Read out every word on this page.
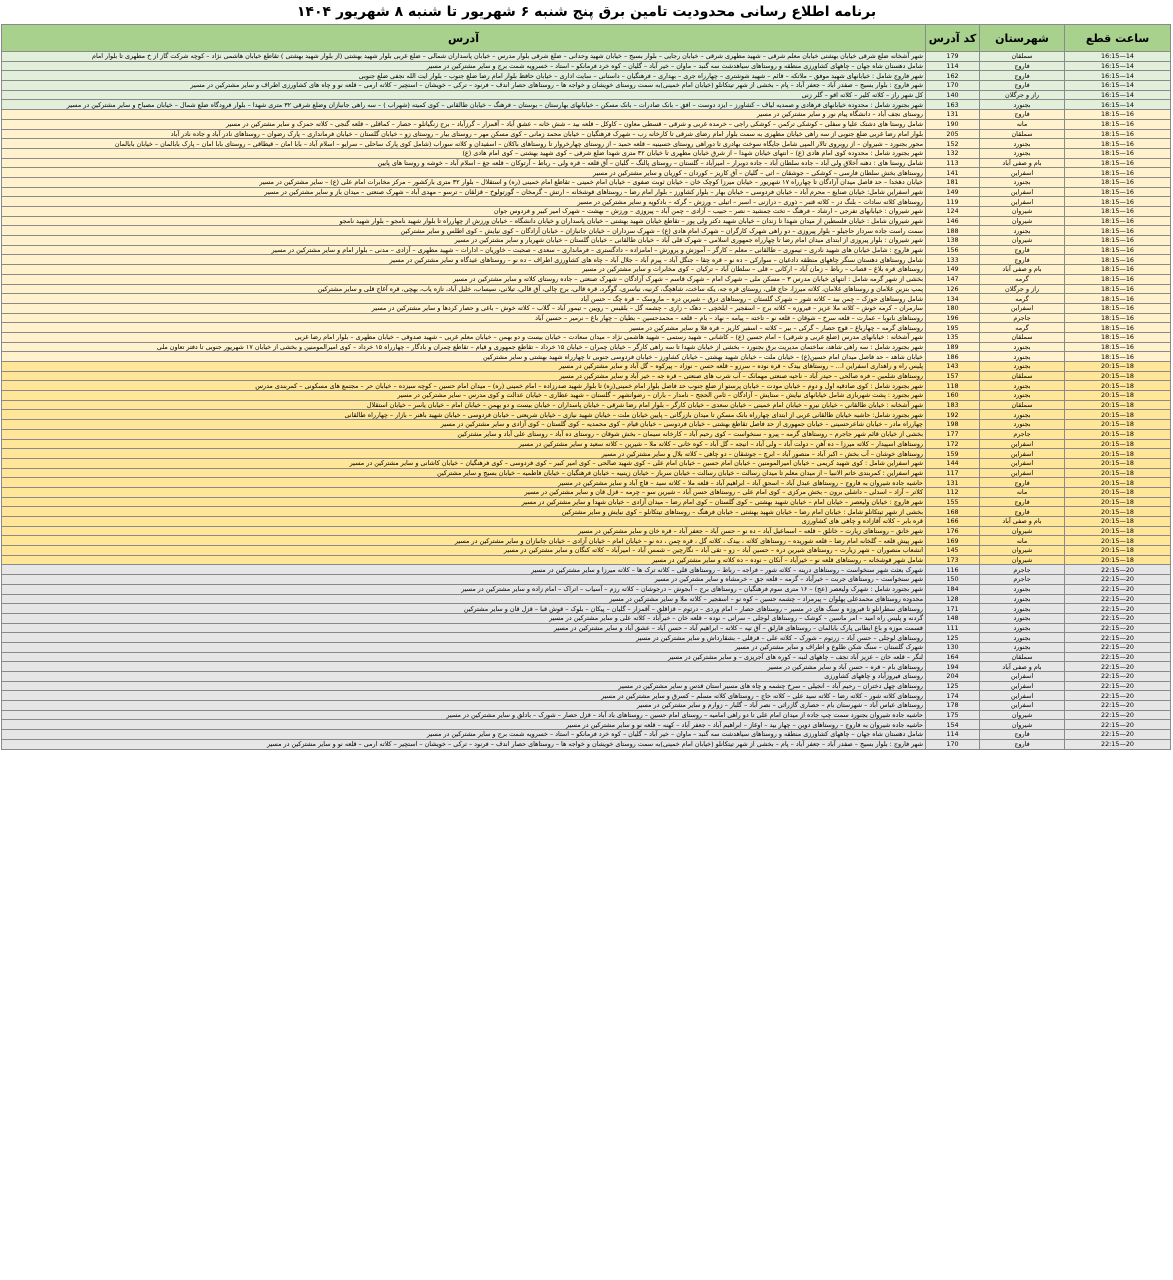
برنامه اطلاع رسانی محدودیت تامین برق پنج شنبه ۶ شهریور تا شنبه ۸ شهریور ۱۴۰۴
ساعت قطع	شهرستان	کد آدرس	آدرس
14—16:15	سملقان	179	شهر آشخانه ضلع شرقی خیابان بهشتی خیابان معلم شرقی – شهید مطهری شرقی – خیابان رجایی – بلوار بسیج – خیابان شهید وحدانی – ضلع شرقی بلوار مدرس – خیابان پاسداران شمالی – ضلع غربی بلوار شهید بهشتی (از بلوار شهید بهشتی ) تقاطع خیابان هاشمی نژاد – کوچه شرکت گاز از خ مطهری تا بلوار امام
14—16:15	فاروج	114	شامل دهستان شاه جهان – چاههای کشاورزی منطقه و روستاهای سیاهدشت سه گنبد – ماوان – خیر آباد – گلیان – کوه خرد فرمانکو – استاد – خسرویه شمت برج و سایر مشترکین در مسیر
14—16:15	فاروج	162	شهر فاروج شامل : خیابانهای شهید موفق – ملاتکه – قائم – شهید شوشتری – چهارراه جری – بهداری – فرهنگیان – داستانی – سایت اداری – خیابان حافظ بلوار امام رضا ضلع جنوب – بلوار ایت الله نجفی ضلع جنوبی
14—16:15	فاروج	170	شهر فاروج : بلوار بسیج – صفدر آباد – جعفر آباد – پام – بخشی از شهر تیتکانلو (خیابان امام خمینی)به سمت روستای خویشان و خواجه ها – روستاهای حصار اندف – فرنود – ترکی – خویشان – استچیر – کلاته ارمی – قلعه نو و چاه های کشاورزی اطراف و سایر مشترکین در مسیر
14—16:15	راز و جرگلان	140	کل شهر راز – کلاته کلیر – کلاته اقو – گلر زنی
14—16:15	بجنورد	163	شهر بجنورد شامل : محدوده خیابانهای فرهادی و صمدیه لیاف – کشاورز – ایزد دوست – افق – بانک صادرات – بانک مسکن – خیابانهای بهارستان – بوستان – فرهنگ – خیابان طالقانی – کوی کمیته (شهراب ) – سه راهی جانبازان وضلع شرقی ۳۲ متری شهدا – بلوار فرودگاه ضلع شمال – خیابان مصباح و سایر مشترکین در مسیر
16—18:15	فاروج	131	روستای نجف آباد – دانشگاه پیام نور و سایر مشترکین در مسیر
16—18:15	مانه	190	شامل روستا های دشتک علیا و سفلی – کوشکی ترکمن – کوشکی راجی – خرمده غربی و شرقی – قسطی معاون – کاوکل – قلعه بید – شش خانه – عشق آباد – آقمزار – گرزآباد – برج زنگیانلو – حصار – کماقلی – قلعه گنجی – کلاته حمزک و سایر مشترکین در مسیر
16—18:15	سملقان	205	بلوار امام رضا غربی ضلع جنوبی از سه راهی خیابان مطهری به سمت بلوار امام رضای شرقی تا کارخانه رب – شهرک فرهنگیان – خیابان محمد زمانی – کوی مسکن مهر – روستای بیار – روستای زو – خیابان گلستان – خیابان فرمانداری – پارک رضوان – روستاهای نادر آباد و جاده نادر آباد
16—18:15	بجنورد	152	محور بجنورد – شیروان – از روبروی تالار المپی شامل جایگاه سوخت بهادری تا دوراهی روستای حسینیه – قلعه حمید – از روستای چهارخروار تا روستاهای باکلان – اسفیدان و کلاته سوراب (شامل کوی پارک ساحلی – سرایو – اسلام آباد – بابا امان – قیطاقی – روستای بابا امان – پارک بابالمان – خیابان بابالمان
16—18:15	بجنورد	132	شهر بجنورد شامل : محدوده کوی امام هادی (ع) – انتهای خیابان شهدا – از شرق خیابان مطهری تا خیابان ۳۲ متری شهدا ضلع شرقی – کوی شهید بهشتی – کوی امام هادی (ع)
16—18:15	بام و صفی آباد	113	شامل روستا های : دهنه آخلاق ولی آباد – جاده سلطان آباد – جاده دوبرار – امیرآباد – گلستان – روستای پالنگ – گلیان – آق قلعه – قره ولی – رباط – آرتوکان – قلعه جغ – اسلام آباد – خوشه و روستا های پایین
16—18:15	اسفراین	141	روستاهای بخش سلطان فارسی – کوشکی – جوشقان – اتی – گلیان – آق کاریز – کوردان – کوریان و سایر مشترکین در مسیر
16—18:15	بجنورد	181	خیابان دهخدا – حد فاصل میدان آزادگان تا چهارراه ۱۷ شهریور – خیابان میرزا کوچک خان – خیابان ثوبت صفوی – خیابان امام خمینی – تقاطع امام خمینی (ره) و استقلال – بلوار ۳۲ متری بارکشور – مرکز مخابرات امام علی (ع) – سایر مشترکین در مسیر
16—18:15	اسفراین	149	شهر اسفراین شامل: خیابان صنایع – محرم آباد – خیابان فردوسی – خیابان بهار – بلوار کشاورز – بلوار امام رضا – روستاهای قوشخانه – ارتش – گرمخان – گورتولوخ – قزلقان – ترسو – مهدی آباد – شهرک صنعتی – میدان باز و سایر مشترکین در مسیر
16—18:15	اسفراین	119	روستاهای کلاته سادات – بلنگ در – کلاته قنبر – ذوری – درازنی – اسبر – اتیلی – ورزش – گرکه – بادکوپه و سایر مشترکین در مسیر
16—18:15	شیروان	124	شهر شیروان : خیابانهای تفرجی – ارشاد – فرهنگ – تخت جمشید – نصر – حبیب – آزادی – چمن آباد – پیروزی – ورزش – بهشت – شهرک امیر کبیر و فردوس جوان
16—18:15	شیروان	146	شهر شیروان شامل : خیابان فلسطین از میدان شهدا تا زندان – خیابان شهید دکتر ولی پور – تقاطع خیابان شهید بهشتی – خیابان پاسداران و خیابان دانشگاه – خیابان ورزش از چهارراه تا بلوار شهید نامجو – بلوار شهید نامجو
16—18:15	بجنورد	188	سمت راست جاده سردار حاجیلو – بلوار پیروزی – دو راهی شهرک کارگران – شهرک امام هادی (ع) – شهرک سرداران – خیابان جانبازان – خیابان آزادگان – کوی نیایش – کوی اطلس و سایر مشترکین
16—18:15	شیروان	138	شهر شیروان : بلوار پیروزی از ابتدای میدان امام رضا تا چهارراه جمهوری اسلامی – شهرک قلی آباد – خیابان طالقانی – خیابان گلستان – خیابان شهریار و سایر مشترکین در مسیر
16—18:15	فاروج	156	شهر فاروج : شامل خیابان های شهید نادری – تیموری – طالقانی – معلم – کارگر – آموزش و پرورش – امامزاده – دادگستری – فرمانداری – سعدی – صحبت – خاوریان – ادارات – شهید مطهری – آزادی – مدنی – بلوار امام و سایر مشترکین در مسیر
16—18:15	فاروج	133	شامل روستاهای دهستان سنگر چاههای منطقه دادغیان – سوارکی – ده نو – قره چقا – جنگل آباد – پیرم آباد – جلال آباد – چاه های کشاورزی اطراف – ده نو – روستاهای عیدگاه و سایر مشترکین در مسیر
16—18:15	بام و صفی آباد	149	روستاهای قره بلاغ – قصاب – رباط – زمان آباد – ارکانی – قلی – سلطان آباد – ترکیان – کوی مخابرات و سایر مشترکین در مسیر
16—18:15	گرمه	147	بخشی از شهر گرمه شامل : انتهای خیابان مدرس ۳ – مسکن ملی – شهرک امام – شهرک قاسم – شهرک آزادگان – شهرک صنعتی – جاده روستای کلاته و سایر مشترکین در مسیر
16—18:15	راز و جرگلان	126	پمپ بنزین غلامان و روستاهای غلامان، کلاته میرزا، حاج قلی، روستای قره جه، یکه ساخت، شاهچگ، کرنیه، نیاسری، گوگرد، قره قالی، برج چالی، آق قالی، تیلانی، سیساب، خلیل آباد، تازه یاب، بهچی، قره آغاج قلی و سایر مشترکین
16—18:15	گرمه	134	شامل روستاهای حوزک – چمن بید – کلاته شور – شهرک گلستان – روستاهای درق – شیرین دره – ماروسک – قره چگ – حسن آباد
16—18:15	اسفراین	180	سارمران – کرمه خوش – کلاته ملا عزیز – فیروزه – کلاته برج – اسفجیر – ایلخچی – دهک – زاری – چشمه گل – بلقیس – رویین – تیمور آباد – گلاب – کلاته خوش – باغی و حصار کردها و سایر مشترکین در مسیر
16—18:15	جاجرم	196	روستاهای ناتوبا – عمارت – قلعه سرخ – شوقان – قلعه نو – تاخته – پیامه – نهاد – بام – قلعه – محمدحسین – بطیان – چهار باغ – نرمیر – حسین آباد
16—18:15	گرمه	195	روستاهای گرمه – چهارباغ – قوچ حصار – گرکی – بیر – کلاته – اسفیر کاریز – قره قلا و سایر مشترکین در مسیر
16—18:15	سملقان	135	شهر آشخانه : خیابانهای مدرس (ضلع غربی و شرقی) – امام حسین (ع) – کاشانی – شهید رستمی – شهید هاشمی نژاد – میدان سعادت – خیابان بیست و دو بهمن – خیابان معلم غربی – شهید صدوقی – خیابان مطهری – بلوار امام رضا غربی
16—18:15	بجنورد	189	شهر بجنورد شامل : سه راهی شاهد، ساختمان مدیریت برق بجنورد – بخشی از خیابان شهدا تا سه راهی کارگر – خیابان چمران – خیابان ۱۵ خرداد – تقاطع جمهوری و قیام – تقاطع چمران و بادگار – چهارراه ۱۵ خرداد – کوی امیرالمومنین و بخشی از خیابان ۱۷ شهریور جنوبی تا دفتر تعاون ملی
16—18:15	بجنورد	186	خیابان شاهد – حد فاصل میدان امام حسین(ع) – خیابان ملت – خیابان شهید بهشتی – خیابان کشاورز – خیابان فردوسی جنوبی تا چهارراه شهید بهشتی و سایر مشترکین
18—20:15	بجنورد	143	پلیس راه و راهداری اسفراین ا… – روستاهای بیدک – قره نوده – سرزو – قلعه حسن – نوزاد – پیرکوه – گل آباد و سایر مشترکین در مسیر
18—20:15	سملقان	157	روستاهای شلمین – فره صالحی – حیدر آباد – ناحیه صنعتی مهمانک – آب شرب های صنعتی – قره جه – خیر آباد و سایر مشترکین در مسیر
18—20:15	بجنورد	118	شهر بجنورد شامل : کوی صادقیه اول و دوم – خیابان مودت – خیابان پرستو از ضلع جنوب حد فاصل بلوار امام خمینی(ره) تا بلوار شهید صدرزاده – امام خمینی (ره) – میدان امام حسین – کوچه سیزده – خیابان حر – مجتمع های مسکونی – کمربندی مدرس
18—20:15	بجنورد	160	شهر بجنورد : پشت شهربازی شامل خیابانهای نیایش – ستایش – آزادگان – ثامن الحجج – نامدار – باران – رضوانشهر – گلستان – شهید عطاری – خیابان عدالت و کوی مدرس – سایر مشترکین در مسیر
18—20:15	سملقان	183	شهر آشخانه : خیابان طالقانی – خیابان نیرو – خیابان امام خمینی – خیابان سعدی – خیابان کارگر – بلوار امام رضا شرقی – خیابان پاسداران – خیابان بیست و دو بهمن – خیابان امام – خیابان یاسر – خیابان استقلال
18—20:15	بجنورد	192	شهر بجنورد شامل: حاشیه خیابان طالقانی غربی از ابتدای چهارراه بانک مسکن تا میدان بازرگانی – پایین خیابان ملت – خیابان شهید نیازی – خیابان شریعتی – خیابان فردوسی – خیابان شهید باهنر – بازار – چهارراه طالقانی
18—20:15	بجنورد	198	چهارراه مادر – خیابان شاعرحسینی – خیابان جمهوری از حد فاصل تقاطع بهشتی – خیابان فردوسی – خیابان قیام – کوی محمدیه – کوی گلستان – کوی آزادی و سایر مشترکین در مسیر
18—20:15	جاجرم	177	بخشی از خیابان قائم شهر جاجرم – روستاهای گرمه – پیرو – سنخواست – کوی رحیم آباد – کارخانه سیمان – بخش شوقان – روستای ده آباد – روستای علی آباد و سایر مشترکین
18—20:15	اسفراین	172	روستاهای اسپیدار – کلاته میرزا – ده آهن – دولت آباد – ولی آباد – انیجه – گل آباد – کوه خانی – کلاته ملا – شیرین – کلاته سعید و سایر مشترکین در مسیر
18—20:15	اسفراین	159	روستاهای خوشان – آب بخش – اکبر آباد – منصور آباد – ابرچ – جوشقان – دو چاهی – کلاته بلال و سایر مشترکین در مسیر
18—20:15	اسفراین	144	شهر اسفراین شامل : کوی شهید کریمی – خیابان امیرالمومنین – خیابان امام حسین – خیابان امام علی – کوی شهید صالحی – کوی امیر کبیر – کوی فردوسی – کوی فرهنگیان – خیابان کاشانی و سایر مشترکین در مسیر
18—20:15	اسفراین	117	شهر اسفراین : کمربندی خاتم الانبیا – از میدان معلم تا میدان رسالت – خیابان رسالت – خیابان سرباز – خیابان زینبیه – خیابان فرهنگیان – خیابان فاطمیه – خیابان بسیج و سایر مشترکین
18—20:15	فاروج	131	حاشیه جاده شیروان به فاروج – روستاهای عبدل آباد – اسحق آباد – ابراهیم آباد – قلعه ملا – کلاته سید – قاچ آباد و سایر مشترکین در مسیر
18—20:15	مانه	112	کلاتر – آزاد – اسدلی – داشلی برون – بخش مرکزی – کوی امام علی – روستاهای حسن آباد – شیرین سو – چرمه – قزل قان و سایر مشترکین در مسیر
18—20:15	فاروج	155	شهر فاروج : خیابان ولیعصر – خیابان امام – خیابان شهید بهشتی – کوی گلستان – کوی امام رضا – میدان آزادی – خیابان شهدا و سایر مشترکین در مسیر
18—20:15	فاروج	168	بخشی از شهر تیتکانلو شامل : خیابان امام رضا – خیابان شهید بهشتی – خیابان فرهنگ – روستاهای تیتکانلو – کوی نیایش و سایر مشترکین
18—20:15	بام و صفی آباد	166	قره بابر – کلاته آقازاده و چاهی های کشاورزی
18—20:15	شیروان	176	شهر خانق – روستاهای زیارت – خانلق – قلعه – اسماعیل آباد – ده نو – حسن آباد – جعفر آباد – قره خان و سایر مشترکین در مسیر
18—20:15	مانه	169	شهر پیش قلعه – گلخانه امام رضا – قلعه شوریده – روستاهای کلاته ، بیدک ، کلاته گل ، قره چمن ، ده نو – خیابان امام – خیابان آزادی – خیابان جانبازان و سایر مشترکین در مسیر
18—20:15	شیروان	145	انشعاب منصوران – شهر زیارت – روستاهای شیرین دره – حسین آباد – زو – تقی آباد – نگارچین – شمس آباد – امیرآباد – کلاته کنگان و سایر مشترکین در مسیر
18—20:15	شیروان	173	شامل شهر قوشخانه – روستاهای قلعه نو – خیرآباد – آنکان – نوده – ده کلاته و سایر مشترکین در مسیر
20—22:15	جاجرم	116	شهرک بعثت شهر سنخواست – روستاهای درینه – کلاته شور – فراجه – رباط – روستاهای قلی – کلاته ترک ها – کلاته میرزا و سایر مشترکین در مسیر
20—22:15	جاجرم	150	شهر سنخواست – روستاهای جربت – خیرآباد – گرمه – قلعه جق – خرمشاه و سایر مشترکین در مسیر
20—22:15	بجنورد	184	شهر بجنورد شامل : شهرک ولیعصر (عج) – ۱۶ متری سوم فرهنگیان – روستاهای برج – آبجوش – درجوشان – کلاته رزم – آسیاب – اتراک – امام زاده و سایر مشترکین در مسیر
20—22:15	بجنورد	128	محدوده روستاهای محمدعلی پهلوان – پیرمراد – چشمه حسین – کوه نو – اسفجیر – کلاته ملا و سایر مشترکین در مسیر
20—22:15	بجنورد	171	روستاهای سطرانلو تا فیروزه و سنگ های در مسیر – روستاهای حصار – امام وردی – درتوم – قزاقلق – آقمزار – گلیان – پیکان – بلوک – قوش قبا – قزل قان و سایر مشترکین
20—22:15	بجنورد	148	گردنه و پلیس راه امید – امر ماسین – کوشک – روستاهای لوجلی – سرانی – نوده – قلعه خان – خیرآباد – کلاته علی و سایر مشترکین در مسیر
20—22:15	بجنورد	111	قسمت موزه و باغ ابطانی پارک بابالمان – روستاهای قارلق – آق تپه – کلاته – ابراهیم آباد – حسن آباد – عشق آباد و سایر مشترکین در مسیر
20—22:15	بجنورد	125	روستاهای لوجلی – حسن آباد – زرتوم – شورک – کلاته علی – قرقلی – بشقارداش و سایر مشترکین در مسیر
20—22:15	بجنورد	130	شهرک گلستان – سنگ شکن طلوع و اطراف و سایر مشترکین در مسیر
20—22:15	سملقان	164	لنگر – قلعه خان – عزیز آباد نجف – چاههای لنبه – کوره های آجرپزی – و سایر مشترکین در مسیر
20—22:15	بام و صفی آباد	194	روستاهای بام – قره – حسن آباد و سایر مشترکین در مسیر
20—22:15	اسفراین	204	روستای فیروزآباد و چاههای کشاورزی
20—22:15	اسفراین	125	روستاهای چهل دختران – رحیم آباد – انجیلی – سرخ چشمه و چاه های مسیر استان قدس و سایر مشترکین در مسیر
20—22:15	اسفراین	174	روستاهای کلاته شور – کلاته رضا – کلاته سید علی – کلاته حاج – روستاهای کلاته مسلم – کسرق و سایر مشترکین در مسیر
20—22:15	اسفراین	178	روستاهای عباس آباد – شهرستان بام – حصاری گازراثی – نصر آباد – گلبار – زوارم و سایر مشترکین در مسیر
20—22:15	شیروان	175	حاشیه جاده شیروان بجنورد سمت چپ جاده از میدان امام علی تا دو راهی امامیه – روستای امام حسین – روستاهای باد آباد – قزل حصار – شورک – بادلق و سایر مشترکین در مسیر
20—22:15	شیروان	154	حاشیه جاده شیروان به فاروج – روستاهای دوین – چهار بید – اوغاز – ابراهیم آباد – جعفر آباد – کهنه – قلعه نو و سایر مشترکین در مسیر
20—22:15	فاروج	114	شامل دهستان شاه جهان – چاههای کشاورزی منطقه و روستاهای سیاهدشت سه گنبد – ماوان – خیر آباد – گلیان – کوه خرد فرمانکو – استاد – خسرویه شمت برج و سایر مشترکین در مسیر
20—22:15	فاروج	170	شهر فاروج : بلوار بسیج – صفدر آباد – جعفر آباد – پام – بخشی از شهر تیتکانلو (خیابان امام خمینی)به سمت روستای خویشان و خواجه ها – روستاهای حصار اندف – فرنود – ترکی – خویشان – استچیر – کلاته ارمی – قلعه نو و سایر مشترکین در مسیر
